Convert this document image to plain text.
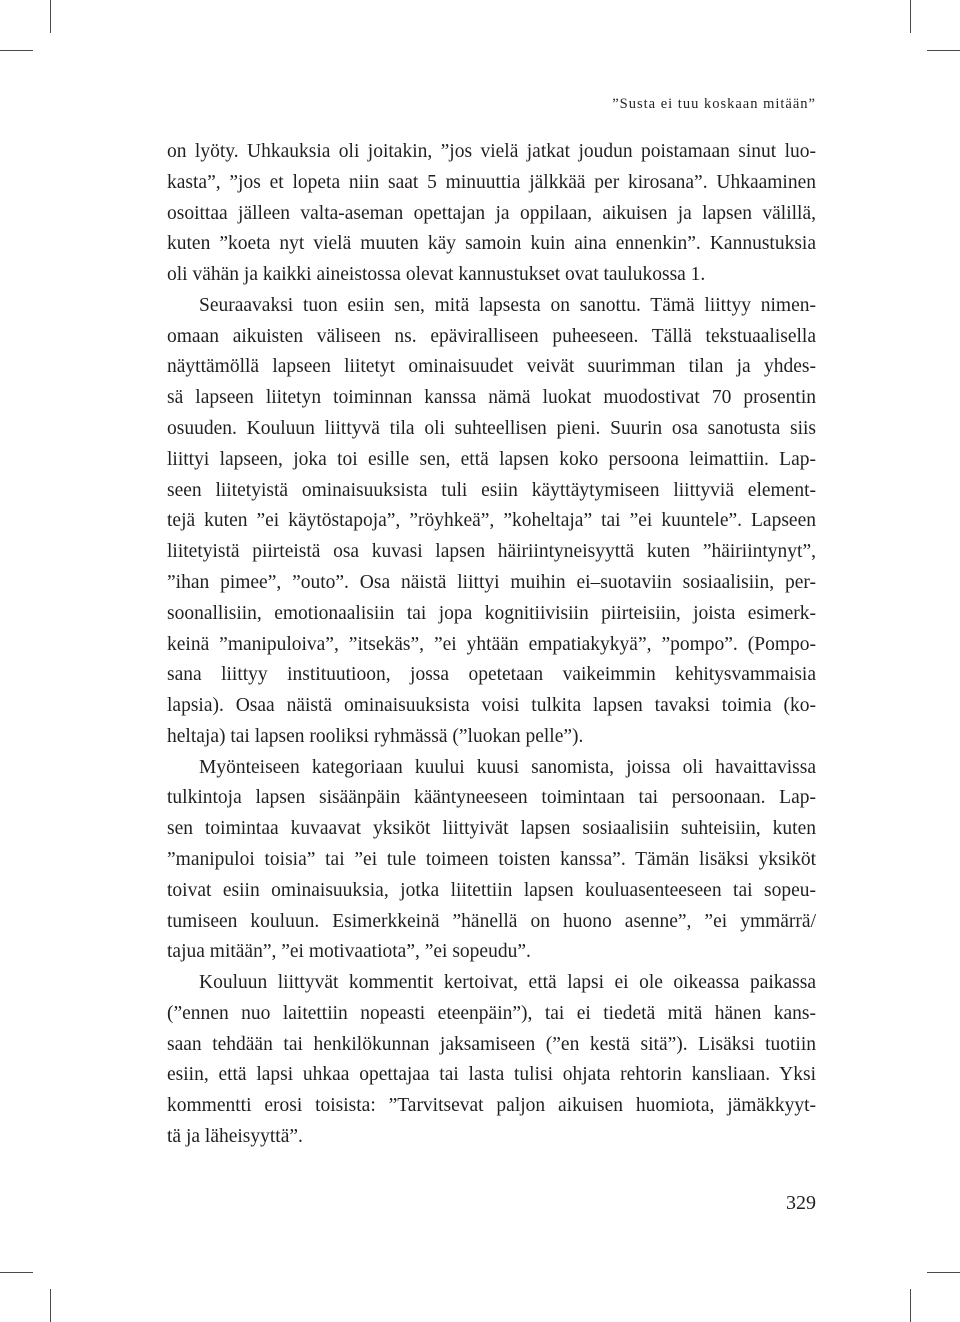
”Susta ei tuu koskaan mitään”
on lyöty. Uhkauksia oli joitakin, ”jos vielä jatkat joudun poistamaan sinut luo-
kasta”, ”jos et lopeta niin saat 5 minuuttia jälkkää per kirosana”. Uhkaaminen
osoittaa jälleen valta-aseman opettajan ja oppilaan, aikuisen ja lapsen välillä,
kuten ”koeta nyt vielä muuten käy samoin kuin aina ennenkin”. Kannustuksia
oli vähän ja kaikki aineistossa olevat kannustukset ovat taulukossa 1.
Seuraavaksi tuon esiin sen, mitä lapsesta on sanottu. Tämä liittyy nimen-
omaan aikuisten väliseen ns. epäviralliseen puheeseen. Tällä tekstuaalisella
näyttämöllä lapseen liitetyt ominaisuudet veivät suurimman tilan ja yhdes-
sä lapseen liitetyn toiminnan kanssa nämä luokat muodostivat 70 prosentin
osuuden. Kouluun liittyvä tila oli suhteellisen pieni. Suurin osa sanotusta siis
liittyi lapseen, joka toi esille sen, että lapsen koko persoona leimattiin. Lap-
seen liitetyistä ominaisuuksista tuli esiin käyttäytymiseen liittyviä element-
tejä kuten ”ei käytöstapoja”, ”röyhkeä”, ”koheltaja” tai ”ei kuuntele”. Lapseen
liitetyistä piirteistä osa kuvasi lapsen häiriintyneisyyttä kuten ”häiriintynyt”,
”ihan pimee”, ”outo”. Osa näistä liittyi muihin ei–suotaviin sosiaalisiin, per-
soonallisiin, emotionaalisiin tai jopa kognitiivisiin piirteisiin, joista esimerk-
keinä ”manipuloiva”, ”itsekäs”, ”ei yhtään empatiakykyä”, ”pompo”. (Pompo-
sana liittyy instituutioon, jossa opetetaan vaikeimmin kehitysvammaisia
lapsia). Osaa näistä ominaisuuksista voisi tulkita lapsen tavaksi toimia (ko-
heltaja) tai lapsen rooliksi ryhmässä (”luokan pelle”).
Myönteiseen kategoriaan kuului kuusi sanomista, joissa oli havaittavissa
tulkintoja lapsen sisäänpäin kääntyneeseen toimintaan tai persoonaan. Lap-
sen toimintaa kuvaavat yksiköt liittyivät lapsen sosiaalisiin suhteisiin, kuten
”manipuloi toisia” tai ”ei tule toimeen toisten kanssa”. Tämän lisäksi yksiköt
toivat esiin ominaisuuksia, jotka liitettiin lapsen kouluasenteeseen tai sopeu-
tumiseen kouluun. Esimerkkeinä ”hänellä on huono asenne”, ”ei ymmärrä/
tajua mitään”, ”ei motivaatiota”, ”ei sopeudu”.
Kouluun liittyvät kommentit kertoivat, että lapsi ei ole oikeassa paikassa
(”ennen nuo laitettiin nopeasti eteenpäin”), tai ei tiedetä mitä hänen kans-
saan tehdään tai henkilökunnan jaksamiseen (”en kestä sitä”). Lisäksi tuotiin
esiin, että lapsi uhkaa opettajaa tai lasta tulisi ohjata rehtorin kansliaan. Yksi
kommentti erosi toisista: ”Tarvitsevat paljon aikuisen huomiota, jämäkkyyt-
tä ja läheisyyttä”.
329
